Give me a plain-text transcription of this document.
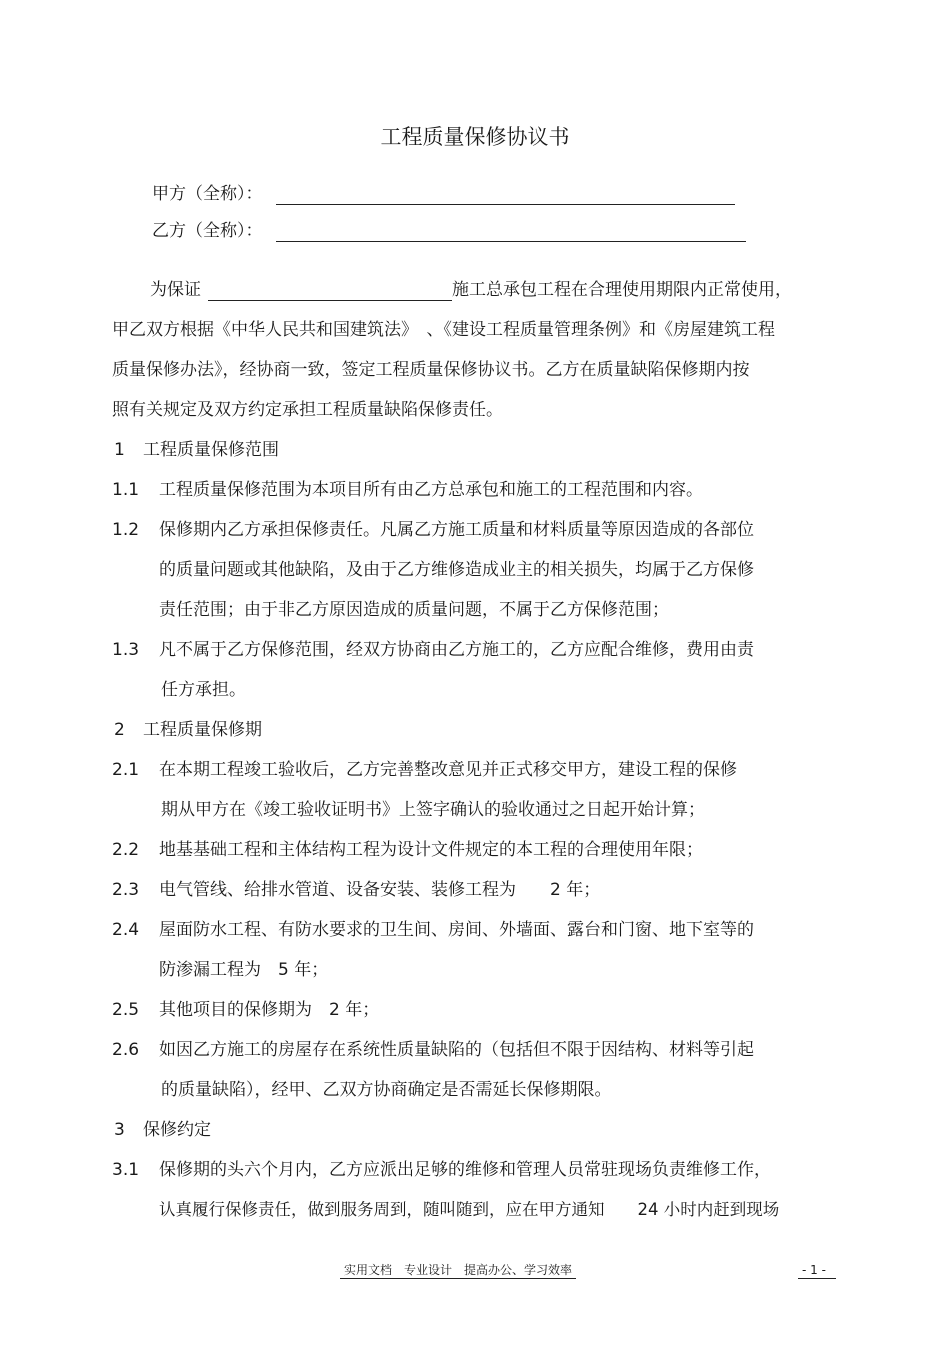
工程质量保修协议书
甲方（全称）：
乙方（全称）：
为保证	施工总承包工程在合理使用期限内正常使用，
甲乙双方根据《中华人民共和国建筑法》　、《建设工程质量管理条例》和《房屋建筑工程
质量保修办法》，经协商一致，签定工程质量保修协议书。乙方在质量缺陷保修期内按
照有关规定及双方约定承担工程质量缺陷保修责任。
1 工程质量保修范围
1.1 工程质量保修范围为本项目所有由乙方总承包和施工的工程范围和内容。
1.2 保修期内乙方承担保修责任。凡属乙方施工质量和材料质量等原因造成的各部位
的质量问题或其他缺陷，及由于乙方维修造成业主的相关损失，均属于乙方保修
责任范围；由于非乙方原因造成的质量问题，不属于乙方保修范围；
1.3 凡不属于乙方保修范围，经双方协商由乙方施工的，乙方应配合维修，费用由责
任方承担。
2 工程质量保修期
2.1 在本期工程竣工验收后，乙方完善整改意见并正式移交甲方，建设工程的保修
期从甲方在《竣工验收证明书》上签字确认的验收通过之日起开始计算；
2.2 地基基础工程和主体结构工程为设计文件规定的本工程的合理使用年限；
2.3 电气管线、给排水管道、设备安装、装修工程为　　2 年；
2.4 屋面防水工程、有防水要求的卫生间、房间、外墙面、露台和门窗、地下室等的
防渗漏工程为　5 年；
2.5 其他项目的保修期为　2 年；
2.6 如因乙方施工的房屋存在系统性质量缺陷的（包括但不限于因结构、材料等引起
的质量缺陷），经甲、乙双方协商确定是否需延长保修期限。
3 保修约定
3.1 保修期的头六个月内，乙方应派出足够的维修和管理人员常驻现场负责维修工作，
认真履行保修责任，做到服务周到，随叫随到，应在甲方通知　　24 小时内赶到现场
实用文档　专业设计　提高办公、学习效率	- 1 -
